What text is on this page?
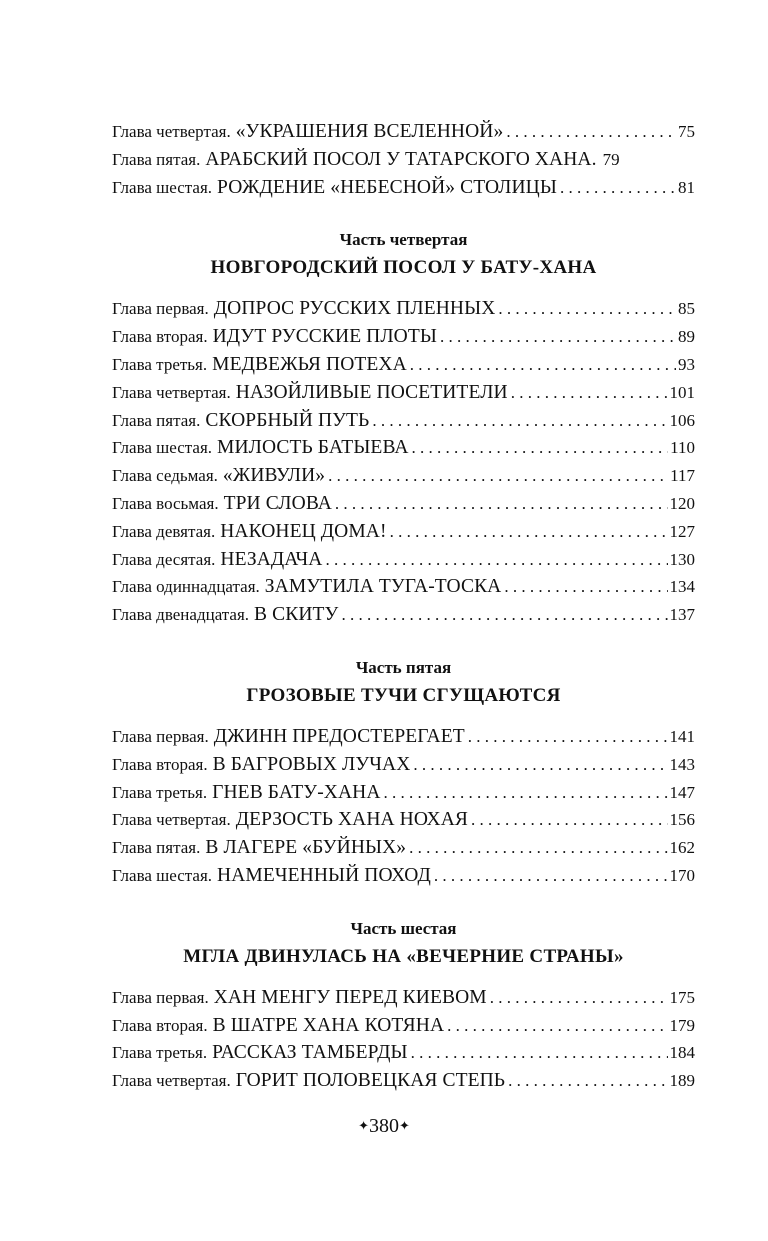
Глава четвертая. «УКРАШЕНИЯ ВСЕЛЕННОЙ» . . .	75
Глава пятая. АРАБСКИЙ ПОСОЛ У ТАТАРСКОГО ХАНА. 79
Глава шестая. РОЖДЕНИЕ «НЕБЕСНОЙ» СТОЛИЦЫ . . .	81
Часть четвертая
НОВГОРОДСКИЙ ПОСОЛ У БАТУ-ХАНА
Глава первая. ДОПРОС РУССКИХ ПЛЕННЫХ . . .	85
Глава вторая. ИДУТ РУССКИЕ ПЛОТЫ . . .	89
Глава третья. МЕДВЕЖЬЯ ПОТЕХА . . .	93
Глава четвертая. НАЗОЙЛИВЫЕ ПОСЕТИТЕЛИ . . .	101
Глава пятая. СКОРБНЫЙ ПУТЬ . . .	106
Глава шестая. МИЛОСТЬ БАТЫЕВА . . .	110
Глава седьмая. «ЖИВУЛИ» . . .	117
Глава восьмая. ТРИ СЛОВА . . .	120
Глава девятая. НАКОНЕЦ ДОМА! . . .	127
Глава десятая. НЕЗАДАЧА . . .	130
Глава одиннадцатая. ЗАМУТИЛА ТУГА-ТОСКА . . .	134
Глава двенадцатая. В СКИТУ . . .	137
Часть пятая
ГРОЗОВЫЕ ТУЧИ СГУЩАЮТСЯ
Глава первая. ДЖИНН ПРЕДОСТЕРЕГАЕТ . . .	141
Глава вторая. В БАГРОВЫХ ЛУЧАХ . . .	143
Глава третья. ГНЕВ БАТУ-ХАНА . . .	147
Глава четвертая. ДЕРЗОСТЬ ХАНА НОХАЯ . . .	156
Глава пятая. В ЛАГЕРЕ «БУЙНЫХ» . . .	162
Глава шестая. НАМЕЧЕННЫЙ ПОХОД . . .	170
Часть шестая
МГЛА ДВИНУЛАСЬ НА «ВЕЧЕРНИЕ СТРАНЫ»
Глава первая. ХАН МЕНГУ ПЕРЕД КИЕВОМ . . .	175
Глава вторая. В ШАТРЕ ХАНА КОТЯНА . . .	179
Глава третья. РАССКАЗ ТАМБЕРДЫ . . .	184
Глава четвертая. ГОРИТ ПОЛОВЕЦКАЯ СТЕПЬ . . .	189
✦380✦
